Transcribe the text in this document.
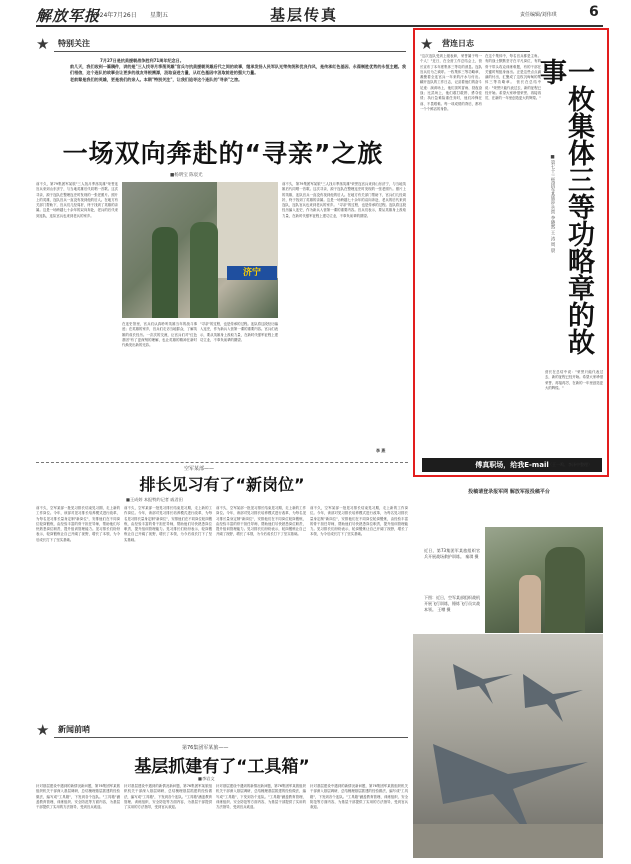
解放军报
2024年7月26日 星期五	基层传真	责任编辑/刘伟琪 6
★	特别关注
7月27日是抗美援朝战争胜利71周年纪念日。
前几天，我们收到一篇稿件，讲的是"三人找寻月季荡英雄"官兵与抗美援朝英雄后代之间的故事，继承发扬人民军队光荣传统和优良作风，是传承红色基因、永葆制胜优势的永恒主题。我们相信，这个连队的故事会让更多的战友寻根溯源，汲取奋进力量，从红色基因中汲取前进的强大力量。
老前辈是我们的英雄，更是我们的亲人。本期"特别关注"，让我们追寻这个连队的"寻亲"之旅。
一场双向奔赴的“寻亲”之旅
■杨明宝 陈宸光
前不久，第79集团军某旅"三人找月季荡英雄"荣誉连官兵来到山东济宁，与当地英雄后代同唱一首歌。这次寻亲，源于连队在整理连史时发现的一张老照片。照片上的英雄，连队官兵一直没有找到他的后人。在地方有关部门帮助下，官兵们几经周折，终于找到了英雄的亲属。这是一场跨越七十余年的双向奔赴，老兵的后代来到连队，连队官兵也来到老兵的家乡。
济宁
在连史馆里，官兵们认真聆听英雄当年的战斗事迹；在英雄的家乡，官兵们走访当地群众，了解英雄的成长经历。一次次的交流，让官兵们对"红色基因"有了更深刻的理解，也让英雄的精神在新时代焕发出新的光彩。
"寻亲"的过程，也是传承的过程。连队将这段经历编入连史，作为新兵入营第一课的重要内容。官兵们表示，要从英雄身上汲取力量，在新时代强军征程上建功立业，不辜负前辈的期望。
前不久，第79集团军某旅"三人找月季荡英雄"荣誉连官兵来到山东济宁，与当地英雄后代同唱一首歌。这次寻亲，源于连队在整理连史时发现的一张老照片。照片上的英雄，连队官兵一直没有找到他的后人。在地方有关部门帮助下，官兵们几经周折，终于找到了英雄的亲属。这是一场跨越七十余年的双向奔赴，老兵的后代来到连队，连队官兵也来到老兵的家乡。 "寻亲"的过程，也是传承的过程。连队将这段经历编入连史，作为新兵入营第一课的重要内容。官兵们表示，要从英雄身上汲取力量，在新时代强军征程上建功立业，不辜负前辈的期望。
李 燕
傅真职场，给我E-mail
投稿请登录报军网 解放军报投稿平台
★	营连日志
一枚集体三等功略章的故事
■第七十三集团军某旅步兵营 李晓然 王 涛 周 晨
"这次连队受到上级表彰，荣誉属于每一个人！"近日，在全营工作总结会上，营长宣布了本年度集体三等功的消息。连队官兵们为之欢呼。一枚集体三等功略章，凝聚着全连官兵一年来的汗水与付出。 翻开连队的工作日志，记录着他们的奋斗足迹：演训场上，他们顶风冒雨、昼夜奋战；比武场上，他们敢打敢拼、勇夺佳绩；执行急难险重任务时，他们冲锋在前、不畏艰难。每一项成绩的背后，都有一个个鲜活的身影。
在这个集体中，每名官兵都是主角。有的战士默默坚守在平凡岗位，有的骨干带头攻克训练难题，有的干部在关键时刻挺身而出。正是这些点点滴滴的付出，汇聚成了这枚沉甸甸的集体三等功略章。 营长在总结中说："荣誉只能代表过去，新的征程已经开始。希望大家珍惜荣誉、再接再厉，在新的一年里创造更大的辉煌。"
营长在总结中说："荣誉只能代表过去，新的征程已经开始。希望大家珍惜荣誉、再接再厉，在新的一年里创造更大的辉煌。"
（王一鸣、李泽中整理）
空军某部——
排长见习有了“新岗位”
■王成婷 本报特约记者 戚君田
前不久，空军某部一批见习排长结束见习期，走上新的工作岗位。今年，该部对见习排长培养模式进行改革，为每名见习排长量身定制"新岗位"，安排他们在不同岗位轮岗锻炼，由经验丰富的骨干担任导师，帮助他们尽快熟悉岗位职责，提升组训管理能力。见习排长们纷纷表示，轮岗锻炼让自己开阔了视野，增长了本领，为今后成长打下了坚实基础。
前不久，空军某部一批见习排长结束见习期，走上新的工作岗位。今年，该部对见习排长培养模式进行改革，为每名见习排长量身定制"新岗位"，安排他们在不同岗位轮岗锻炼，由经验丰富的骨干担任导师，帮助他们尽快熟悉岗位职责，提升组训管理能力。见习排长们纷纷表示，轮岗锻炼让自己开阔了视野，增长了本领，为今后成长打下了坚实基础。
前不久，空军某部一批见习排长结束见习期，走上新的工作岗位。今年，该部对见习排长培养模式进行改革，为每名见习排长量身定制"新岗位"，安排他们在不同岗位轮岗锻炼，由经验丰富的骨干担任导师，帮助他们尽快熟悉岗位职责，提升组训管理能力。见习排长们纷纷表示，轮岗锻炼让自己开阔了视野，增长了本领，为今后成长打下了坚实基础。
前不久，空军某部一批见习排长结束见习期，走上新的工作岗位。今年，该部对见习排长培养模式进行改革，为每名见习排长量身定制"新岗位"，安排他们在不同岗位轮岗锻炼，由经验丰富的骨干担任导师，帮助他们尽快熟悉岗位职责，提升组训管理能力。见习排长们纷纷表示，轮岗锻炼让自己开阔了视野，增长了本领，为今后成长打下了坚实基础。
近日，第73集团军某旅组织官兵开展战场救护训练。 秦琪 摄
下图：近日，空军某部组织战机开展飞行训练，锤炼飞行员实战本领。 王嘈 摄
★	新闻前哨
第76集团军某旅——
基层抓建有了“工具箱”
■李岩文
针对基层建设中遇到的新情况新问题，第76集团军某旅组织机关干部深入基层调研，总结梳理基层抓建的经验做法，编写成"工具箱"，下发到各个连队。"工具箱"涵盖教育管理、训练组织、安全防范等方面内容，为基层干部提供了实用的方法指导，受到官兵欢迎。
针对基层建设中遇到的新情况新问题，第76集团军某旅组织机关干部深入基层调研，总结梳理基层抓建的经验做法，编写成"工具箱"，下发到各个连队。"工具箱"涵盖教育管理、训练组织、安全防范等方面内容，为基层干部提供了实用的方法指导，受到官兵欢迎。
针对基层建设中遇到的新情况新问题，第76集团军某旅组织机关干部深入基层调研，总结梳理基层抓建的经验做法，编写成"工具箱"，下发到各个连队。"工具箱"涵盖教育管理、训练组织、安全防范等方面内容，为基层干部提供了实用的方法指导，受到官兵欢迎。
针对基层建设中遇到的新情况新问题，第76集团军某旅组织机关干部深入基层调研，总结梳理基层抓建的经验做法，编写成"工具箱"，下发到各个连队。"工具箱"涵盖教育管理、训练组织、安全防范等方面内容，为基层干部提供了实用的方法指导，受到官兵欢迎。
